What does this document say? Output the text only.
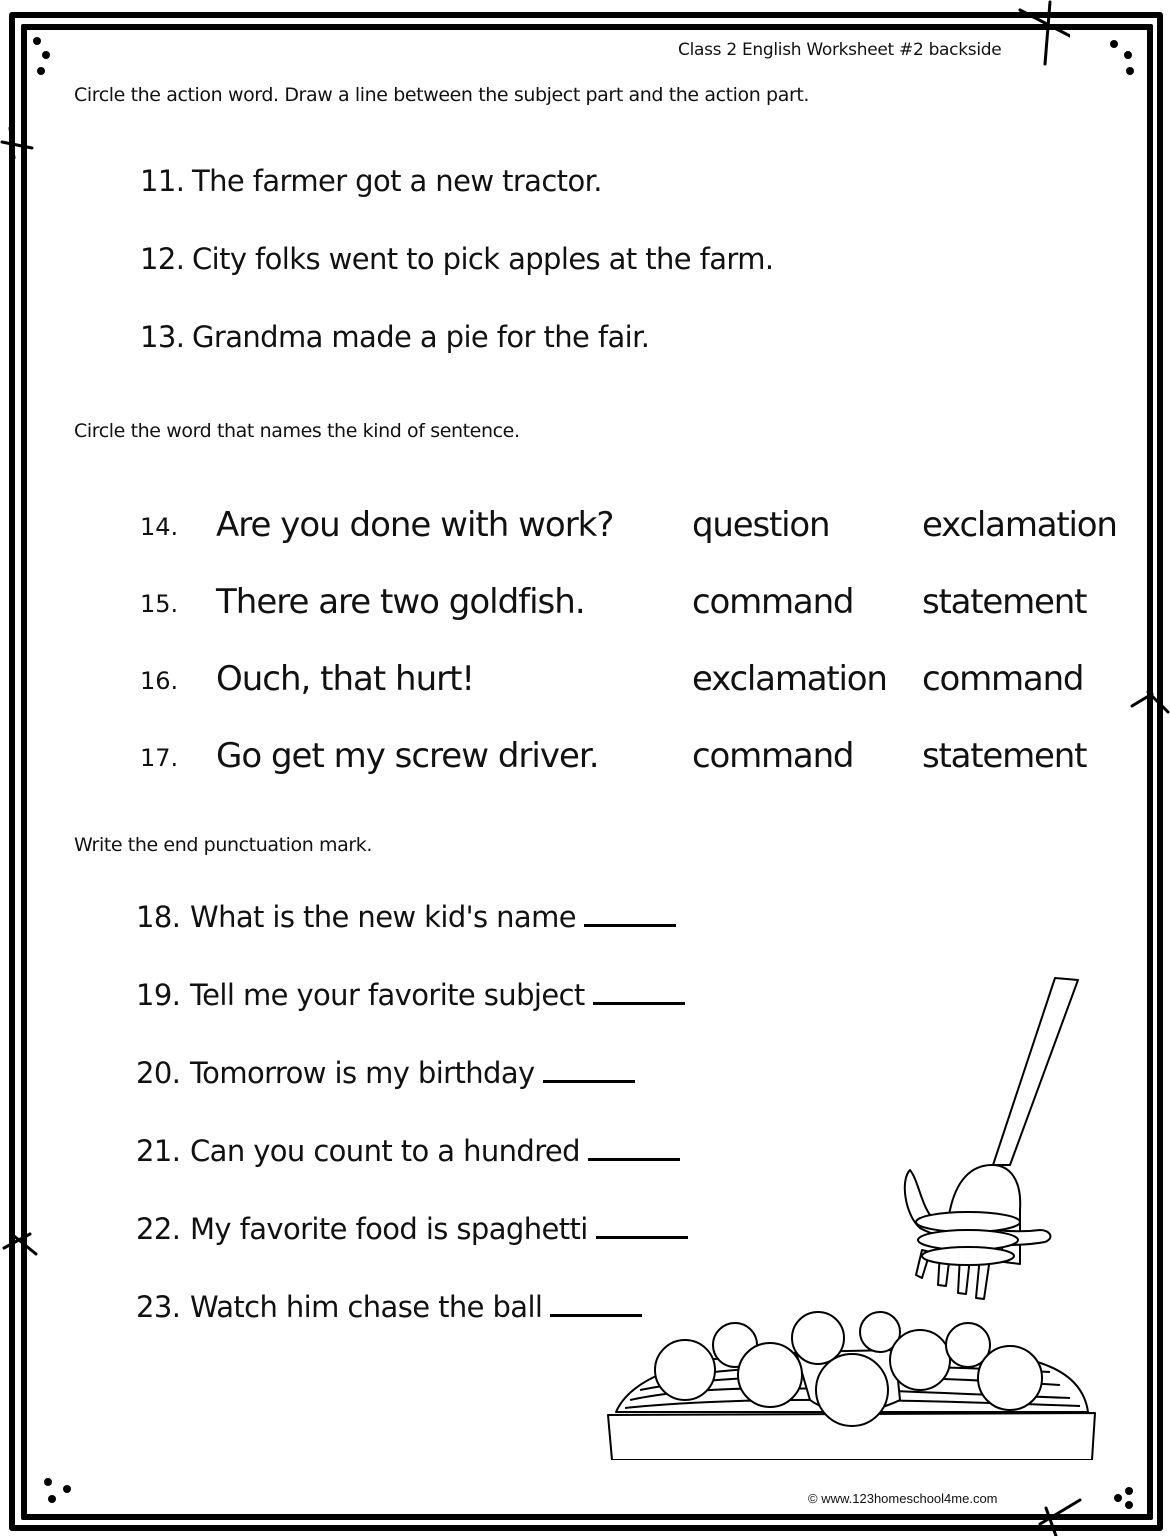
Class 2 English Worksheet #2 backside
Circle the action word. Draw a line between the subject part and the action part.
11. The farmer got a new tractor.
12. City folks went to pick apples at the farm.
13. Grandma made a pie for the fair.
Circle the word that names the kind of sentence.
14. Are you done with work? question	exclamation
15. There are two goldfish.	command statement
16. Ouch, that hurt!	exclamation command
17. Go get my screw driver.	command statement
Write the end punctuation mark.
18. What is the new kid's name
19. Tell me your favorite subject
20. Tomorrow is my birthday
21. Can you count to a hundred
22. My favorite food is spaghetti
23. Watch him chase the ball
© www.123homeschool4me.com
